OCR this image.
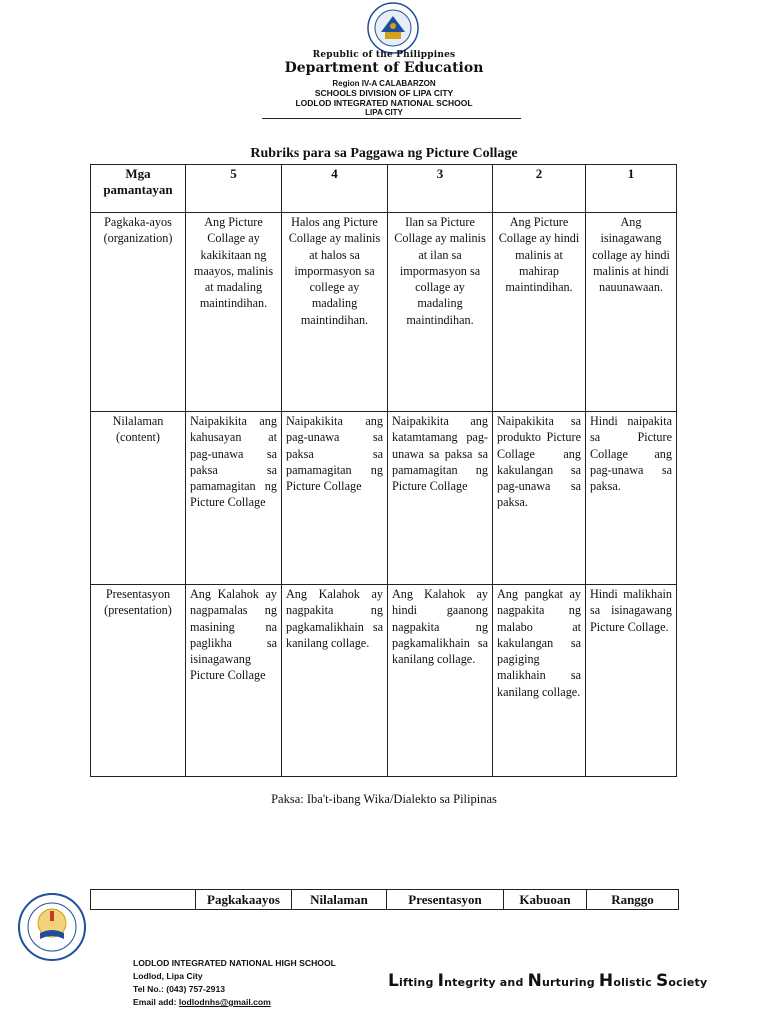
Republic of the Philippines
Department of Education
Region IV-A CALABARZON
SCHOOLS DIVISION OF LIPA CITY
LODLOD INTEGRATED NATIONAL SCHOOL
LIPA CITY
Rubriks para sa Paggawa ng Picture Collage
Mga pamantayan	5	4	3	2	1
Pagkaka-ayos (organization)	Ang Picture Collage ay kakikitaan ng maayos, malinis at madaling maintindihan.	Halos ang Picture Collage ay malinis at halos sa impormasyon sa college ay madaling maintindihan.	Ilan sa Picture Collage ay malinis at ilan sa impormasyon sa collage ay madaling maintindihan.	Ang Picture Collage ay hindi malinis at mahirap maintindihan.	Ang isinagawang collage ay hindi malinis at hindi nauunawaan.
Nilalaman (content)	Naipakikita ang kahusayan at pag-unawa sa paksa sa pamamagitan ng Picture Collage	Naipakikita ang pag-unawa sa paksa sa pamamagitan ng Picture Collage	Naipakikita ang katamtamang pag-unawa sa paksa sa pamamagitan ng Picture Collage	Naipakikita sa produkto Picture Collage ang kakulangan sa pag-unawa sa paksa.	Hindi naipakita sa Picture Collage ang pag-unawa sa paksa.
Presentasyon (presentation)	Ang Kalahok ay nagpamalas ng masining na paglikha sa isinagawang Picture Collage	Ang Kalahok ay nagpakita ng pagkamalikhain sa kanilang collage.	Ang Kalahok ay hindi gaanong nagpakita ng pagkamalikhain sa kanilang collage.	Ang pangkat ay nagpakita ng malabo at kakulangan sa pagiging malikhain sa kanilang collage.	Hindi malikhain sa isinagawang Picture Collage.
Paksa: Iba't-ibang Wika/Dialekto sa Pilipinas
	Pagkakaayos	Nilalaman	Presentasyon	Kabuoan	Ranggo
LODLOD INTEGRATED NATIONAL HIGH SCHOOL
Lodlod, Lipa City
Tel No.: (043) 757-2913
Email add: lodlodnhs@gmail.com
Lifting Integrity and Nurturing Holistic Society
